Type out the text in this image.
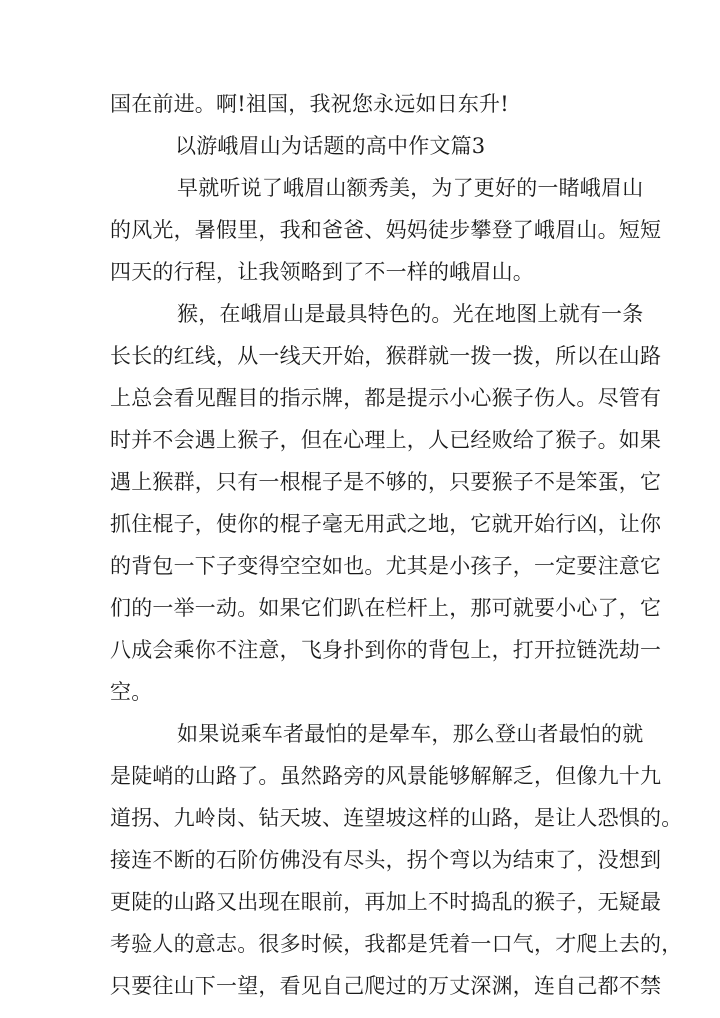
国在前进。啊!祖国，我祝您永远如日东升!
以游峨眉山为话题的高中作文篇3
早就听说了峨眉山额秀美，为了更好的一睹峨眉山
的风光，暑假里，我和爸爸、妈妈徒步攀登了峨眉山。短短
四天的行程，让我领略到了不一样的峨眉山。
猴，在峨眉山是最具特色的。光在地图上就有一条
长长的红线，从一线天开始，猴群就一拨一拨，所以在山路
上总会看见醒目的指示牌，都是提示小心猴子伤人。尽管有
时并不会遇上猴子，但在心理上，人已经败给了猴子。如果
遇上猴群，只有一根棍子是不够的，只要猴子不是笨蛋，它
抓住棍子，使你的棍子毫无用武之地，它就开始行凶，让你
的背包一下子变得空空如也。尤其是小孩子，一定要注意它
们的一举一动。如果它们趴在栏杆上，那可就要小心了，它
八成会乘你不注意，飞身扑到你的背包上，打开拉链洗劫一
空。
如果说乘车者最怕的是晕车，那么登山者最怕的就
是陡峭的山路了。虽然路旁的风景能够解解乏，但像九十九
道拐、九岭岗、钻天坡、连望坡这样的山路，是让人恐惧的。
接连不断的石阶仿佛没有尽头，拐个弯以为结束了，没想到
更陡的山路又出现在眼前，再加上不时捣乱的猴子，无疑最
考验人的意志。很多时候，我都是凭着一口气，才爬上去的，
只要往山下一望，看见自己爬过的万丈深渊，连自己都不禁
